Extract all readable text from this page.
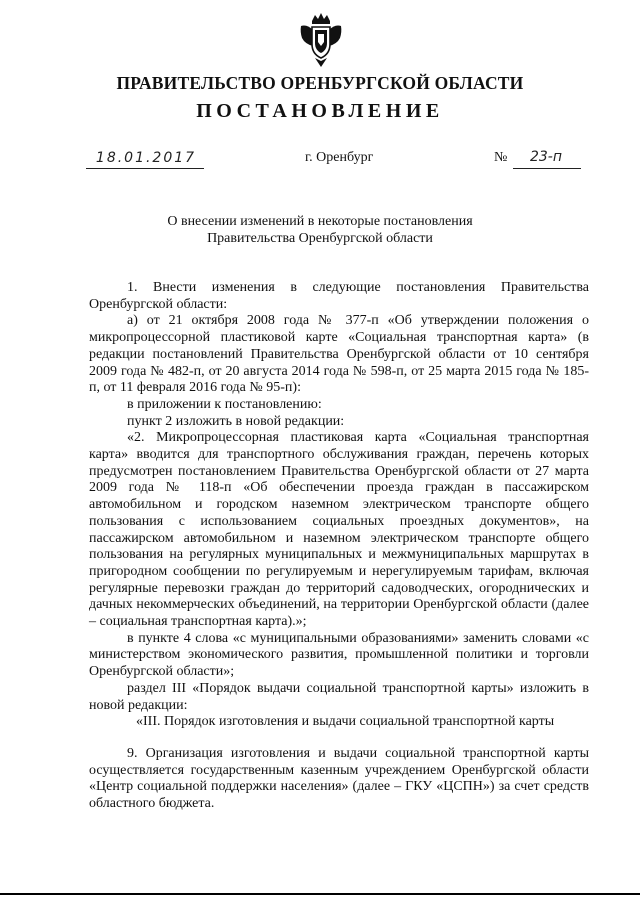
ПРАВИТЕЛЬСТВО ОРЕНБУРГСКОЙ ОБЛАСТИ
ПОСТАНОВЛЕНИЕ
18.01.2017	г. Оренбург	№	23-п
О внесении изменений в некоторые постановления
Правительства Оренбургской области

1. Внести изменения в следующие постановления Правительства Оренбургской области:

а) от 21 октября 2008 года № 377-п «Об утверждении положения о микропроцессорной пластиковой карте «Социальная транспортная карта» (в редакции постановлений Правительства Оренбургской области от 10 сентября 2009 года № 482-п, от 20 августа 2014 года № 598-п, от 25 марта 2015 года № 185-п, от 11 февраля 2016 года № 95-п):

в приложении к постановлению:

пункт 2 изложить в новой редакции:

«2. Микропроцессорная пластиковая карта «Социальная транспортная карта» вводится для транспортного обслуживания граждан, перечень которых предусмотрен постановлением Правительства Оренбургской области от 27 марта 2009 года № 118-п «Об обеспечении проезда граждан в пассажирском автомобильном и городском наземном электрическом транспорте общего пользования с использованием социальных проездных документов», на пассажирском автомобильном и наземном электрическом транспорте общего пользования на регулярных муниципальных и межмуниципальных маршрутах в пригородном сообщении по регулируемым и нерегулируемым тарифам, включая регулярные перевозки граждан до территорий садоводческих, огороднических и дачных некоммерческих объединений, на территории Оренбургской области (далее – социальная транспортная карта).»;

в пункте 4 слова «с муниципальными образованиями» заменить словами «с министерством экономического развития, промышленной политики и торговли Оренбургской области»;

раздел III «Порядок выдачи социальной транспортной карты» изложить в новой редакции:

«III. Порядок изготовления и выдачи социальной транспортной карты

9. Организация изготовления и выдачи социальной транспортной карты осуществляется государственным казенным учреждением Оренбургской области «Центр социальной поддержки населения» (далее – ГКУ «ЦСПН») за счет средств областного бюджета.
